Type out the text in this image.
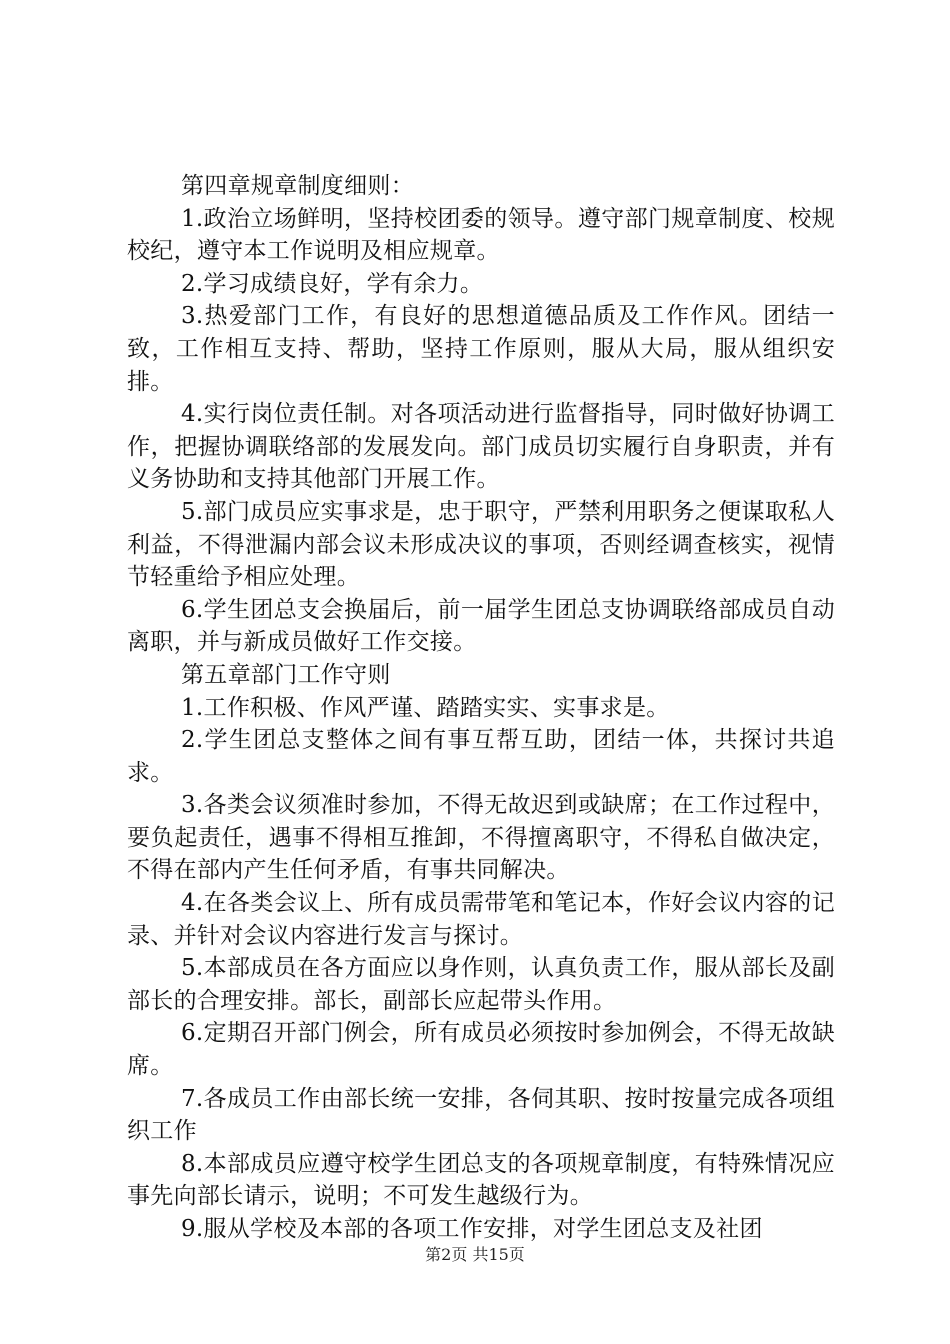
第四章规章制度细则：

1.政治立场鲜明，坚持校团委的领导。遵守部门规章制度、校规校纪，遵守本工作说明及相应规章。

2.学习成绩良好，学有余力。

3.热爱部门工作，有良好的思想道德品质及工作作风。团结一致，工作相互支持、帮助，坚持工作原则，服从大局，服从组织安排。

4.实行岗位责任制。对各项活动进行监督指导，同时做好协调工作，把握协调联络部的发展发向。部门成员切实履行自身职责，并有义务协助和支持其他部门开展工作。

5.部门成员应实事求是，忠于职守，严禁利用职务之便谋取私人利益，不得泄漏内部会议未形成决议的事项，否则经调查核实，视情节轻重给予相应处理。

6.学生团总支会换届后，前一届学生团总支协调联络部成员自动离职，并与新成员做好工作交接。

第五章部门工作守则

1.工作积极、作风严谨、踏踏实实、实事求是。

2.学生团总支整体之间有事互帮互助，团结一体，共探讨共追求。

3.各类会议须准时参加，不得无故迟到或缺席；在工作过程中，要负起责任，遇事不得相互推卸，不得擅离职守，不得私自做决定，不得在部内产生任何矛盾，有事共同解决。

4.在各类会议上、所有成员需带笔和笔记本，作好会议内容的记录、并针对会议内容进行发言与探讨。

5.本部成员在各方面应以身作则，认真负责工作，服从部长及副部长的合理安排。部长，副部长应起带头作用。

6.定期召开部门例会，所有成员必须按时参加例会，不得无故缺席。

7.各成员工作由部长统一安排，各伺其职、按时按量完成各项组织工作

8.本部成员应遵守校学生团总支的各项规章制度，有特殊情况应事先向部长请示，说明；不可发生越级行为。

9.服从学校及本部的各项工作安排，对学生团总支及社团

第2页 共15页
